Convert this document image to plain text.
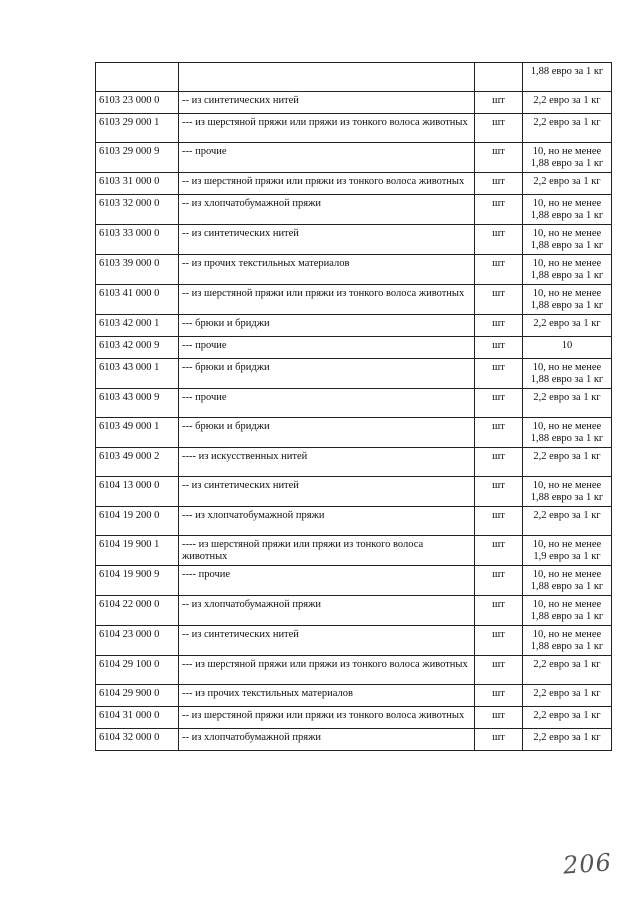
			1,88 евро за 1 кг
6103 23 000 0	-- из синтетических нитей	шт	2,2 евро за 1 кг
6103 29 000 1	--- из шерстяной пряжи или пряжи из тонкого волоса животных	шт	2,2 евро за 1 кг
6103 29 000 9	--- прочие	шт	10, но не менее 1,88 евро за 1 кг
6103 31 000 0	-- из шерстяной пряжи или пряжи из тонкого волоса животных	шт	2,2 евро за 1 кг
6103 32 000 0	-- из хлопчатобумажной пряжи	шт	10, но не менее 1,88 евро за 1 кг
6103 33 000 0	-- из синтетических нитей	шт	10, но не менее 1,88 евро за 1 кг
6103 39 000 0	-- из прочих текстильных материалов	шт	10, но не менее 1,88 евро за 1 кг
6103 41 000 0	-- из шерстяной пряжи или пряжи из тонкого волоса животных	шт	10, но не менее 1,88 евро за 1 кг
6103 42 000 1	--- брюки и бриджи	шт	2,2 евро за 1 кг
6103 42 000 9	--- прочие	шт	10
6103 43 000 1	--- брюки и бриджи	шт	10, но не менее 1,88 евро за 1 кг
6103 43 000 9	--- прочие	шт	2,2 евро за 1 кг
6103 49 000 1	--- брюки и бриджи	шт	10, но не менее 1,88 евро за 1 кг
6103 49 000 2	---- из искусственных нитей	шт	2,2 евро за 1 кг
6104 13 000 0	-- из синтетических нитей	шт	10, но не менее 1,88 евро за 1 кг
6104 19 200 0	--- из хлопчатобумажной пряжи	шт	2,2 евро за 1 кг
6104 19 900 1	---- из шерстяной пряжи или пряжи из тонкого волоса животных	шт	10, но не менее 1,9 евро за 1 кг
6104 19 900 9	---- прочие	шт	10, но не менее 1,88 евро за 1 кг
6104 22 000 0	-- из хлопчатобумажной пряжи	шт	10, но не менее 1,88 евро за 1 кг
6104 23 000 0	-- из синтетических нитей	шт	10, но не менее 1,88 евро за 1 кг
6104 29 100 0	--- из шерстяной пряжи или пряжи из тонкого волоса животных	шт	2,2 евро за 1 кг
6104 29 900 0	--- из прочих текстильных материалов	шт	2,2 евро за 1 кг
6104 31 000 0	-- из шерстяной пряжи или пряжи из тонкого волоса животных	шт	2,2 евро за 1 кг
6104 32 000 0	-- из хлопчатобумажной пряжи	шт	2,2 евро за 1 кг
206
